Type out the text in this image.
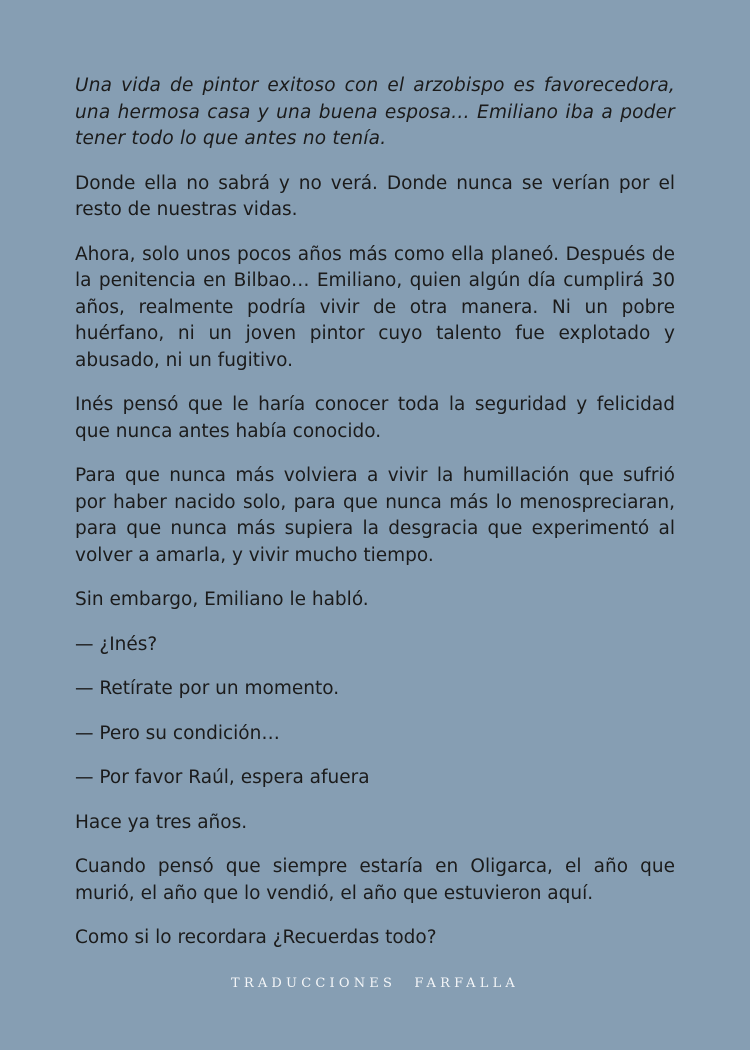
Una vida de pintor exitoso con el arzobispo es favorecedora, una hermosa casa y una buena esposa… Emiliano iba a poder tener todo lo que antes no tenía.

Donde ella no sabrá y no verá. Donde nunca se verían por el resto de nuestras vidas.

Ahora, solo unos pocos años más como ella planeó. Después de la penitencia en Bilbao… Emiliano, quien algún día cumplirá 30 años, realmente podría vivir de otra manera. Ni un pobre huérfano, ni un joven pintor cuyo talento fue explotado y abusado, ni un fugitivo.

Inés pensó que le haría conocer toda la seguridad y felicidad que nunca antes había conocido.

Para que nunca más volviera a vivir la humillación que sufrió por haber nacido solo, para que nunca más lo menospreciaran, para que nunca más supiera la desgracia que experimentó al volver a amarla, y vivir mucho tiempo.

Sin embargo, Emiliano le habló.

— ¿Inés?

— Retírate por un momento.

— Pero su condición…

— Por favor Raúl, espera afuera

Hace ya tres años.

Cuando pensó que siempre estaría en Oligarca, el año que murió, el año que lo vendió, el año que estuvieron aquí.

Como si lo recordara ¿Recuerdas todo?

TRADUCCIONES FARFALLA
